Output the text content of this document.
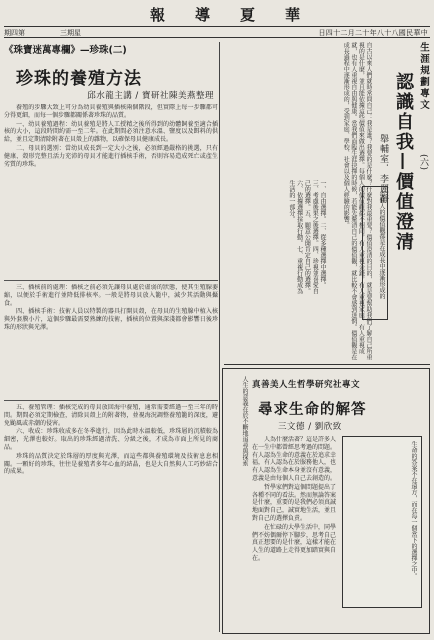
報 導 夏 華
期四第	三期星	日四十二月二十年八十八國民華中
《珠寶迷萬專欄》 —珍珠(二)
珍珠的養殖方法
邱水龍主講 / 寶研社陳美燕整理

養殖的步驟大致上可分為幼貝養殖與插核兩個階段，但實際上每一步驟都可分得更細，而每一個步驟都關係著珍珠的品質。

一、幼貝養殖過程：幼貝養殖是將人工授精之後所得到的幼體飼養至適合插核的大小，這段時間約需一至二年。在此期間必須注意水溫、鹽度以及餌料的供給，並且定期清除附著在貝殼上的雜物，以確保母貝健康成長。

二、母貝的選別：當幼貝成長到一定大小之後，必須經過嚴格的挑選，只有健康、殼形完整且活力充沛的母貝才能進行插核手術，否則容易造成死亡或產生劣質的珍珠。

三、插核前的處理：插核之前必須先讓母貝處於虛弱的狀態，使其生殖腺萎縮，以便於手術進行並降低排核率。一般是將母貝放入籠中，減少其活動與攝食。

四、插核手術：技術人員以特製的器具打開貝殼，在母貝的生殖腺中植入核與外套膜小片，這個步驟最需要熟練的技術，插核的位置與深淺都會影響日後珍珠的形狀與光澤。

五、養殖管理：插核完成的母貝放回海中養殖，通常需要經過一至三年的時間。期間必須定期檢查，清除貝殼上的附著物，並視海況調整養殖籠的深度，避免颱風或赤潮的侵害。

六、收成：珍珠收成多在冬季進行，因為此時水溫較低，珍珠層的沉積較為細密，光澤也較好。取出的珍珠經過清洗、分級之後，才成為市面上所見的商品。

珍珠的品質決定於珠層的厚度與光澤，而這些都與養殖環境及技術息息相關。一顆好的珍珠，往往是養殖者多年心血的結晶，也是大自然與人工巧妙結合的成果。

生涯規劃專文
(六)
認識自我—價值澄清
舉輔室．李麗靜
自古以來人們就時常問自己：我是誰？我要的是什麼？什麼對我最重要？價值澄清的目的，就是要幫助我們了解自己所重視的是什麼，並且能依據這些價值來做出選擇。每個人的價值觀都不相同，有人重視金錢，有人重視家庭，有人重視成就，也有人重視自由與健康。當我們面臨生涯抉擇的時候，若能先釐清自己的價值觀，就比較不會感到迷惘。價值觀是在成長過程中逐漸形成的，受到家庭、學校、社會以及個人經驗的影響。
一、自由選擇。二、從多種選擇中選擇。三、考慮後果之後選擇。四、珍視並喜愛自己的選擇。五、願意公開肯定自己的選擇。六、依據選擇採取行動。七、重複行動成為生活的一部分。	每個人的價值觀都是在成長中逐漸形成的
人生的意義在於不斷地追尋與探索 真善美人生哲學研究社專文
尋求生命的解答
三文德 / 劉欣致

人為什麼活著？這是許多人在一生中都曾經思考過的問題。有人認為生命的意義在於追求幸福，有人認為在於服務他人，也有人認為生命本身並沒有意義，意義是由每個人自己去創造的。

哲學家們對這個問題提出了各種不同的看法。然而無論答案是什麼，重要的是我們必須真誠地面對自己，誠實地生活，並且對自己的選擇負責。

在忙碌的大學生活中，同學們不妨偶爾停下腳步，思考自己真正想要的是什麼，這樣才能在人生的道路上走得更加踏實與自在。	生命的答案不在遠方，而在每一個當下的選擇之中。
